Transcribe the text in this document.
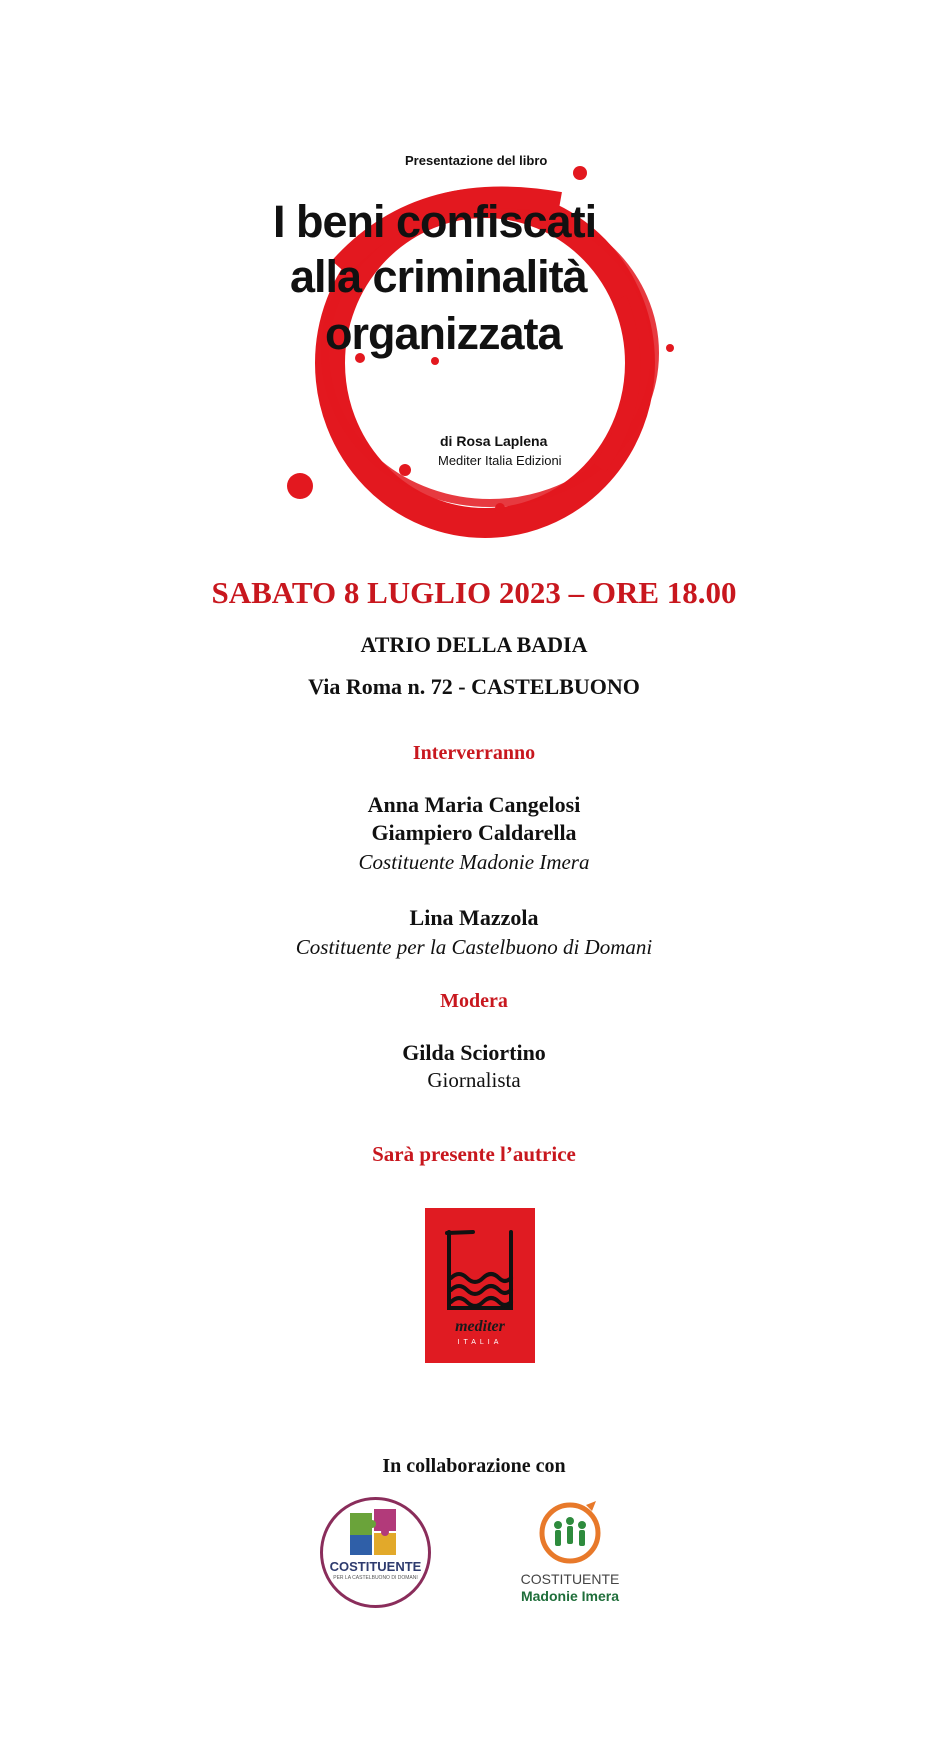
Presentazione del libro
I beni confiscati
alla criminalità
organizzata
di Rosa Laplena
Mediter Italia Edizioni
SABATO 8 LUGLIO 2023 – ORE 18.00
ATRIO DELLA BADIA
Via Roma n. 72 - CASTELBUONO
Interverranno
Anna Maria Cangelosi
Giampiero Caldarella
Costituente Madonie Imera
Lina Mazzola
Costituente per la Castelbuono di Domani
Modera
Gilda Sciortino
Giornalista
Sarà presente l’autrice
mediter
ITALIA
In collaborazione con
COSTITUENTE
PER LA CASTELBUONO DI DOMANI	COSTITUENTE
Madonie Imera
